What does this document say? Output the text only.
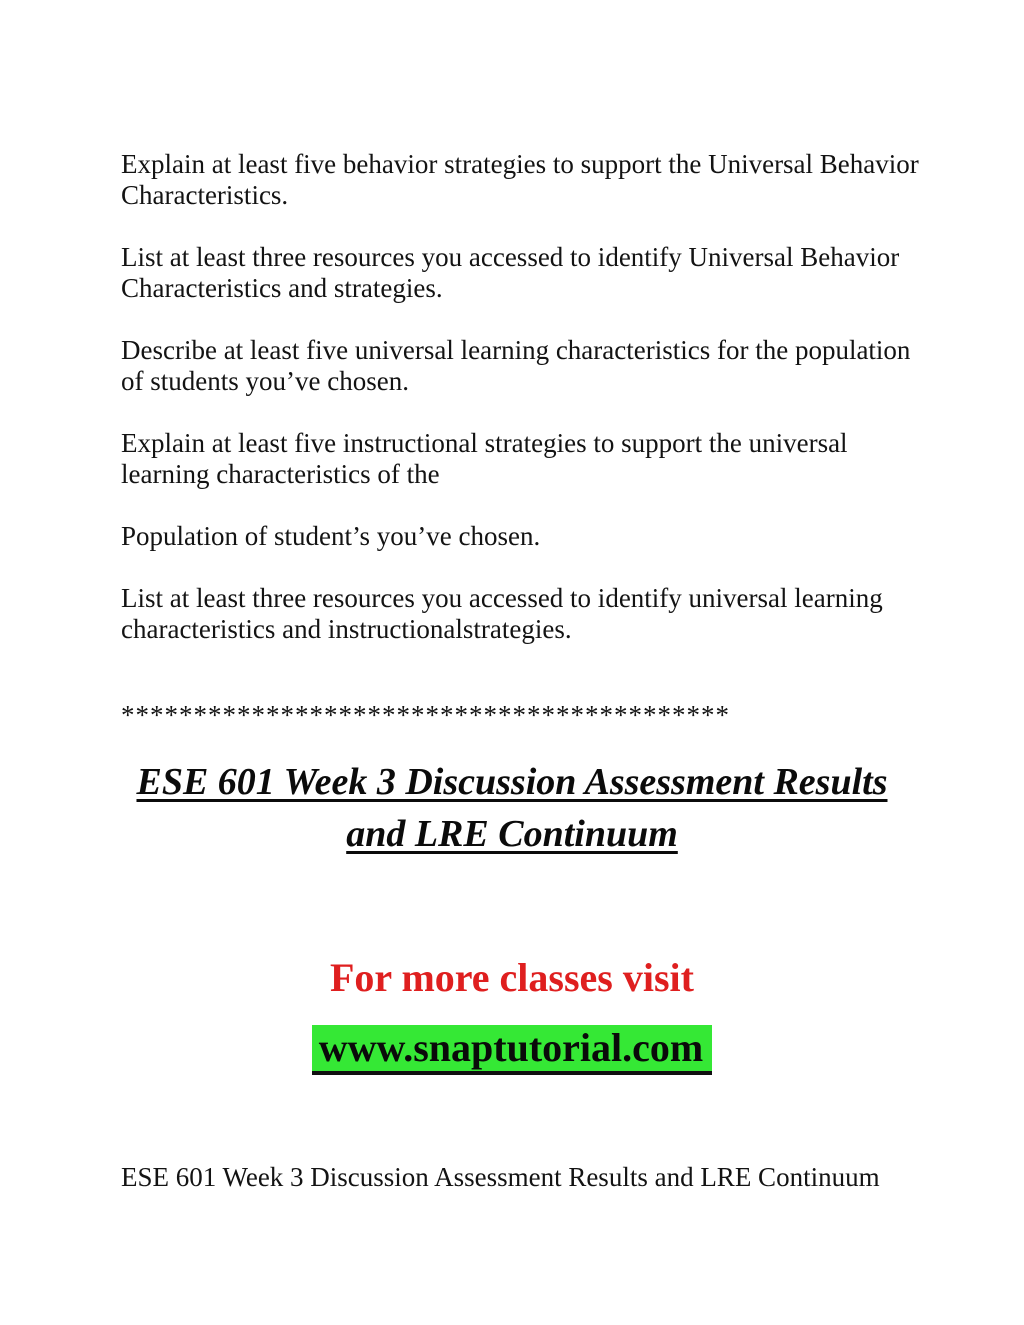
Explain at least five behavior strategies to support the Universal Behavior Characteristics.

List at least three resources you accessed to identify Universal Behavior Characteristics and strategies.

Describe at least five universal learning characteristics for the population of students you’ve chosen.

Explain at least five instructional strategies to support the universal learning characteristics of the

Population of student’s you’ve chosen.

List at least three resources you accessed to identify universal learning characteristics and instructionalstrategies.

******************************************
ESE 601 Week 3 Discussion Assessment Results
and LRE Continuum
For more classes visit
www.snaptutorial.com
ESE 601 Week 3 Discussion Assessment Results and LRE Continuum
